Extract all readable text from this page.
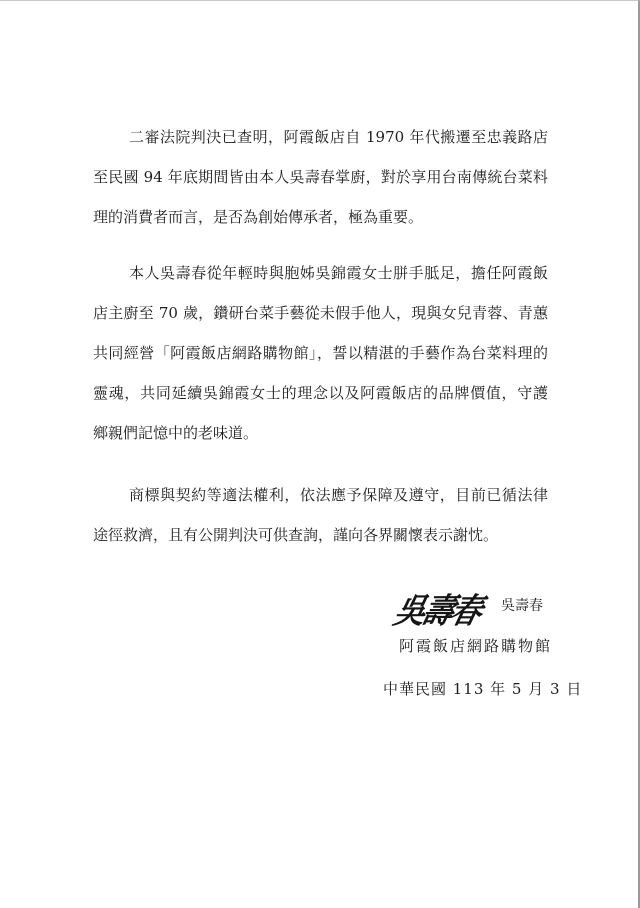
二審法院判決已查明，阿霞飯店自 1970 年代搬遷至忠義路店
至民國 94 年底期間皆由本人吳壽春掌廚，對於享用台南傳統台菜料
理的消費者而言，是否為創始傳承者，極為重要。
本人吳壽春從年輕時與胞姊吳錦霞女士胼手胝足，擔任阿霞飯
店主廚至 70 歲，鑽研台菜手藝從未假手他人，現與女兒青蓉、青蕙
共同經營「阿霞飯店網路購物館」，誓以精湛的手藝作為台菜料理的
靈魂，共同延續吳錦霞女士的理念以及阿霞飯店的品牌價值，守護
鄉親們記憶中的老味道。
商標與契約等適法權利，依法應予保障及遵守，目前已循法律
途徑救濟，且有公開判決可供查詢，謹向各界關懷表示謝忱。
吳壽春 吳壽春
阿霞飯店網路購物館
中華民國 113 年 5 月 3 日
